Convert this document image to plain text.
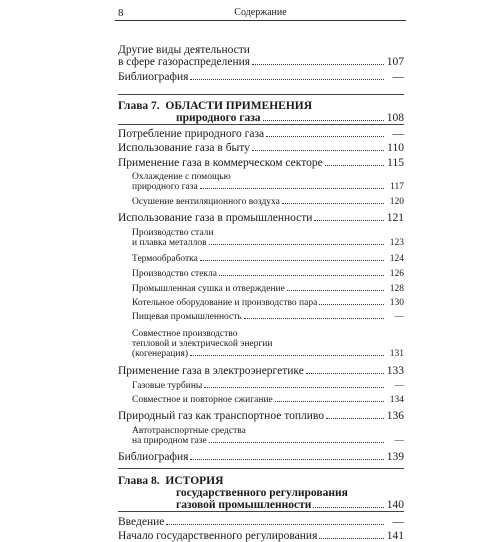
8	Содержание
Другие виды деятельности
в сфере газораспределения	107
Библиография	—
Глава 7.  ОБЛАСТИ ПРИМЕНЕНИЯ
природного газа	108
Потребление природного газа	—
Использование газа в быту	110
Применение газа в коммерческом секторе	115
Охлаждение с помощью
природного газа	117
Осушение вентиляционного воздуха	120
Использование газа в промышленности	121
Производство стали
и плавка металлов	123
Термообработка	124
Производство стекла	126
Промышленная сушка и отверждение	128
Котельное оборудование и производство пара	130
Пищевая промышленность	—
Совместное производство
тепловой и электрической энергии
(когенерация)	131
Применение газа в электроэнергетике	133
Газовые турбины	—
Совместное и повторное сжигание	134
Природный газ как транспортное топливо	136
Автотранспортные средства
на природном газе	—
Библиография	139
Глава 8.  ИСТОРИЯ
государственного регулирования
газовой промышленности	140
Введение	—
Начало государственного регулирования	141
